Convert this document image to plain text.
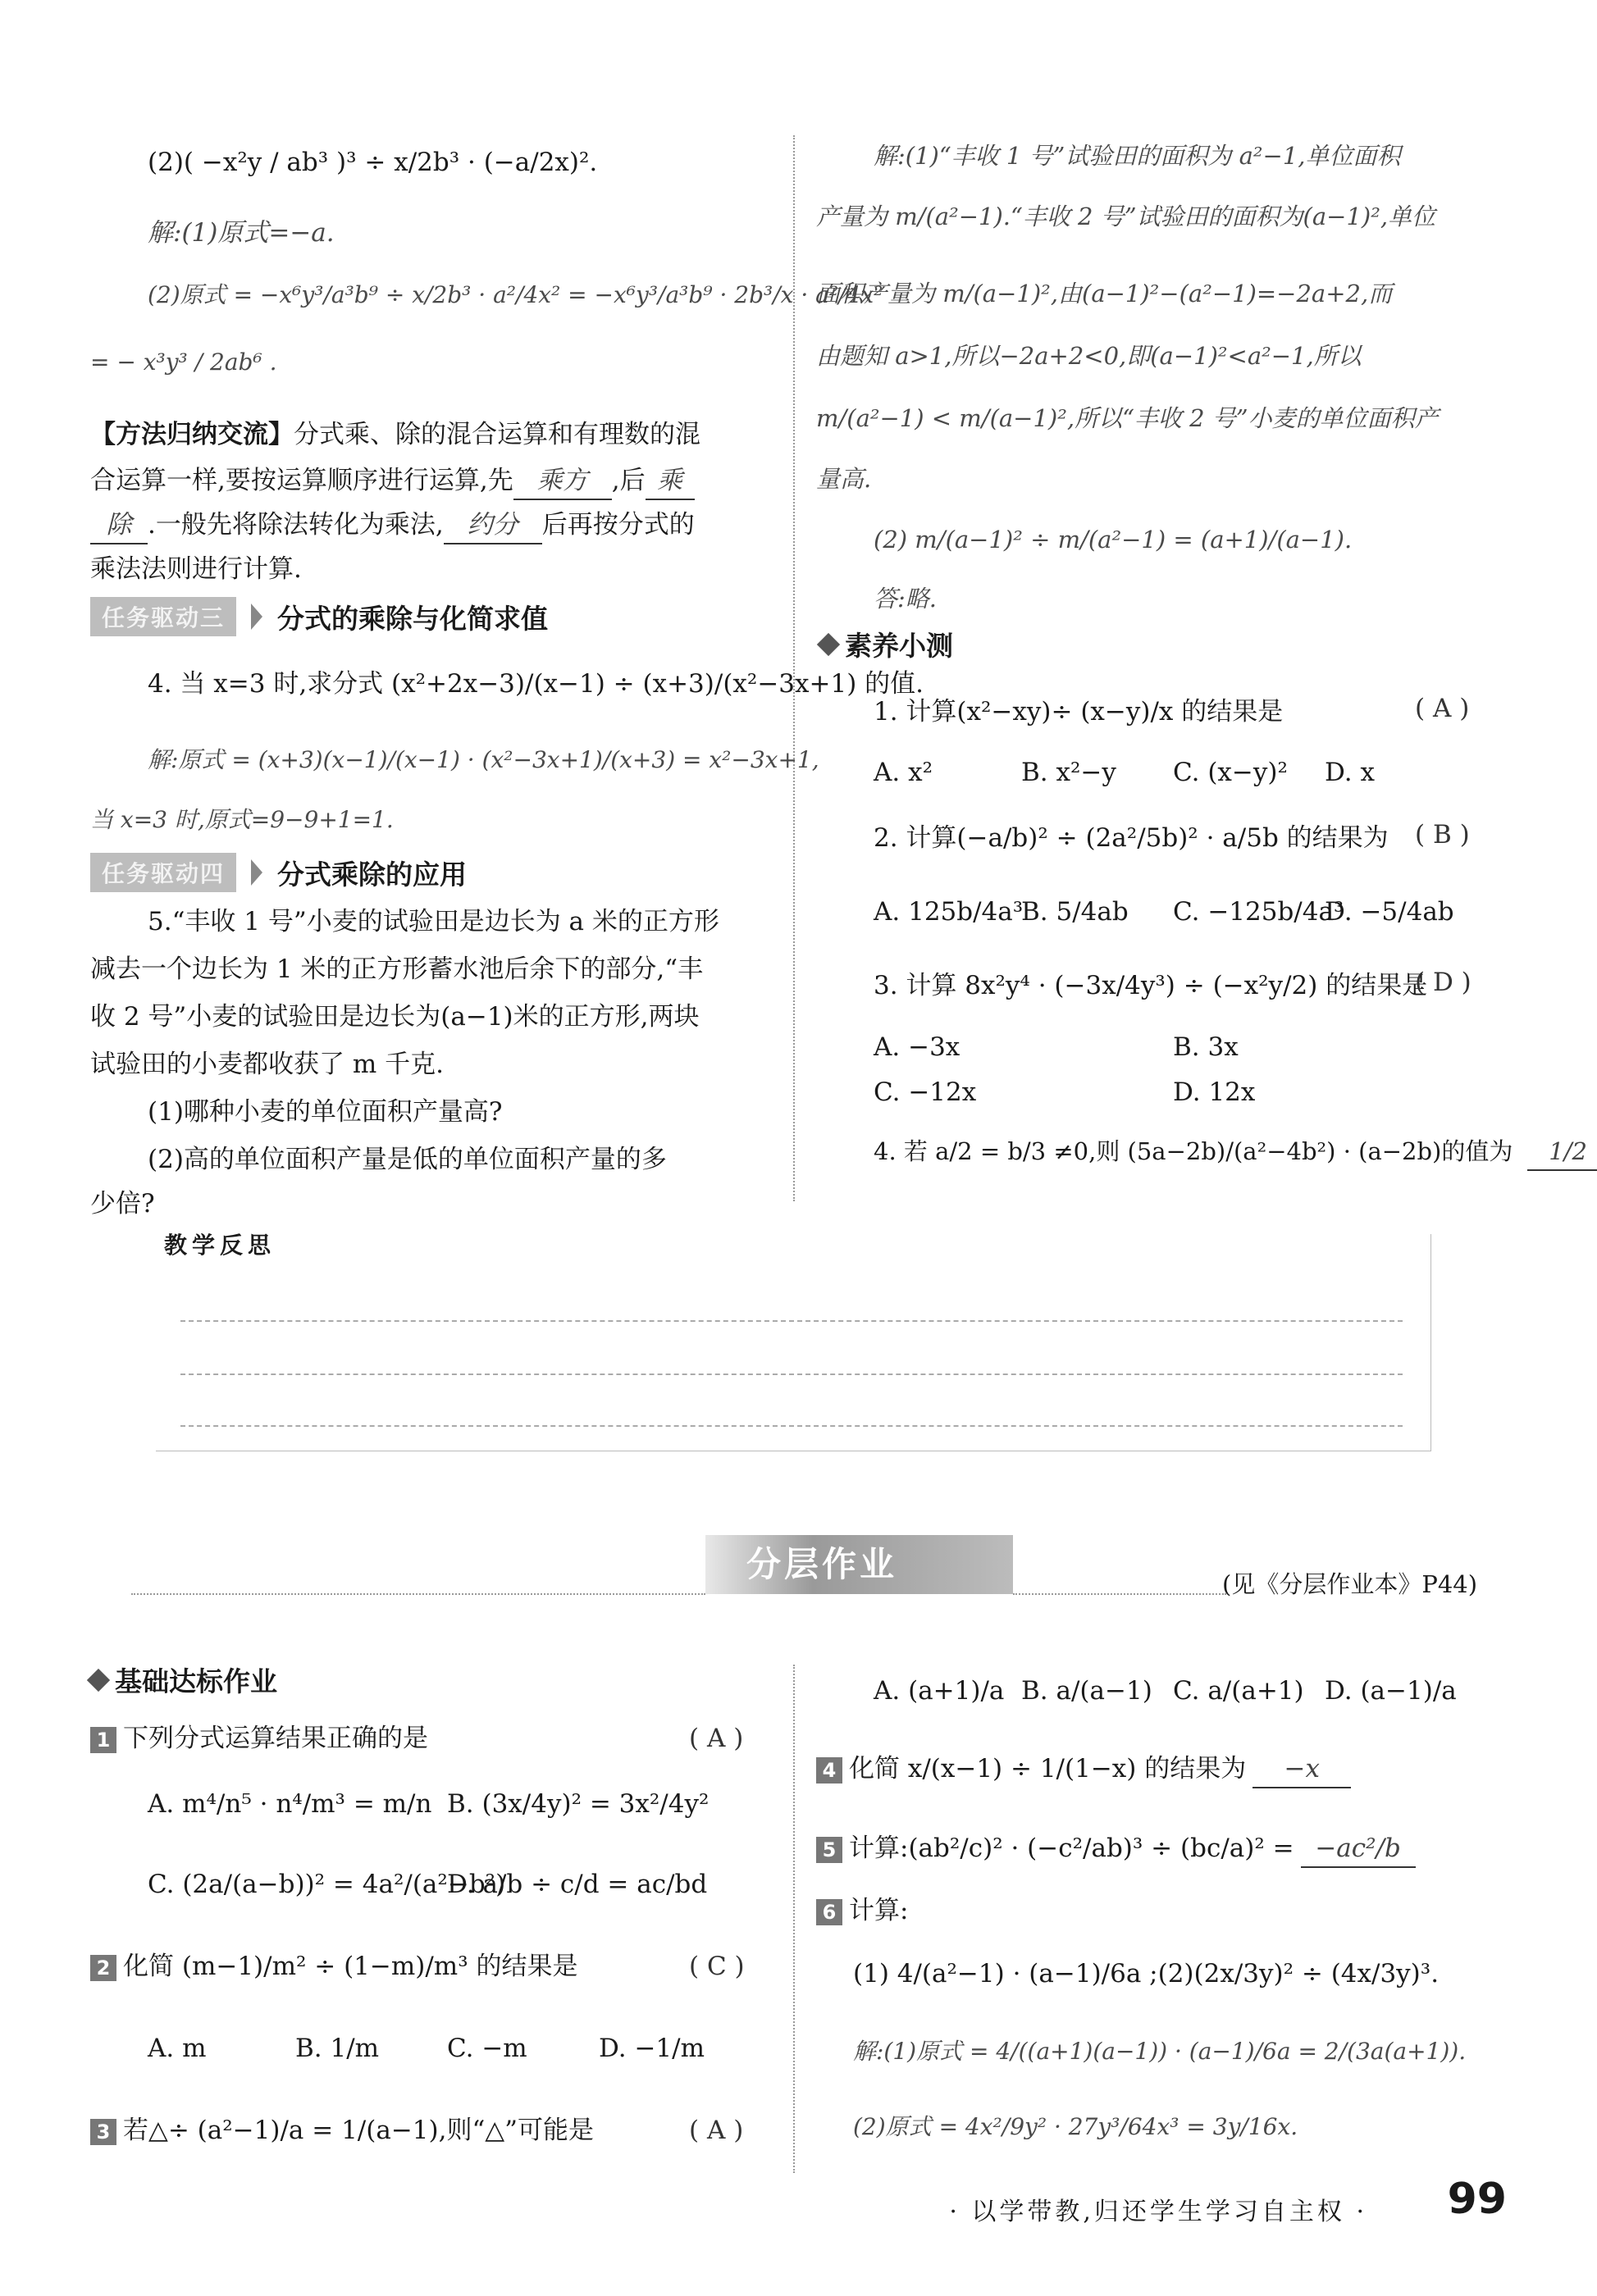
(2)( −x²y / ab³ )³ ÷ x/2b³ · (−a/2x)².
解:(1)原式=−a.
(2)原式 = −x⁶y³/a³b⁹ ÷ x/2b³ · a²/4x² = −x⁶y³/a³b⁹ · 2b³/x · a²/4x²
= − x³y³ / 2ab⁶ .
【方法归纳交流】分式乘、除的混合运算和有理数的混
合运算一样,要按运算顺序进行运算,先 乘方 ,后 乘
除 .一般先将除法转化为乘法, 约分 后再按分式的
乘法法则进行计算.
任务驱动三	分式的乘除与化简求值
4. 当 x=3 时,求分式 (x²+2x−3)/(x−1) ÷ (x+3)/(x²−3x+1) 的值.
解:原式 = (x+3)(x−1)/(x−1) · (x²−3x+1)/(x+3) = x²−3x+1,
当 x=3 时,原式=9−9+1=1.
任务驱动四	分式乘除的应用
5.“丰收 1 号”小麦的试验田是边长为 a 米的正方形
减去一个边长为 1 米的正方形蓄水池后余下的部分,“丰
收 2 号”小麦的试验田是边长为(a−1)米的正方形,两块
试验田的小麦都收获了 m 千克.
(1)哪种小麦的单位面积产量高?
(2)高的单位面积产量是低的单位面积产量的多
少倍?
解:(1)“丰收 1 号”试验田的面积为 a²−1,单位面积
产量为 m/(a²−1).“丰收 2 号”试验田的面积为(a−1)²,单位
面积产量为 m/(a−1)²,由(a−1)²−(a²−1)=−2a+2,而
由题知 a>1,所以−2a+2<0,即(a−1)²<a²−1,所以
m/(a²−1) < m/(a−1)²,所以“丰收 2 号”小麦的单位面积产
量高.
(2) m/(a−1)² ÷ m/(a²−1) = (a+1)/(a−1).
答:略.
素养小测
1. 计算(x²−xy)÷ (x−y)/x 的结果是	( A )
A. x²	B. x²−y C. (x−y)² D. x
2. 计算(−a/b)² ÷ (2a²/5b)² · a/5b 的结果为 ( B )
A. 125b/4a³
B. 5/4ab C. −125b/4a³
D. −5/4ab
3. 计算 8x²y⁴ · (−3x/4y³) ÷ (−x²y/2) 的结果是
( D )
A. −3x	B. 3x
C. −12x	D. 12x
4. 若 a/2 = b/3 ≠0,则 (5a−2b)/(a²−4b²) · (a−2b)的值为 1/2
教学反思
分层作业	(见《分层作业本》P44)
基础达标作业
1 下列分式运算结果正确的是	( A )
A. m⁴/n⁵ · n⁴/m³ = m/n B. (3x/4y)² = 3x²/4y²
C. (2a/(a−b))² = 4a²/(a²−b²)
D. a/b ÷ c/d = ac/bd
2 化简 (m−1)/m² ÷ (1−m)/m³ 的结果是	( C )
A. m	B. 1/m	C. −m	D. −1/m
3 若△÷ (a²−1)/a = 1/(a−1),则“△”可能是	( A )
A. (a+1)/a B. a/(a−1) C. a/(a+1) D. (a−1)/a
4 化简 x/(x−1) ÷ 1/(1−x) 的结果为 −x
5 计算:(ab²/c)² · (−c²/ab)³ ÷ (bc/a)² = −ac²/b
6 计算:
(1) 4/(a²−1) · (a−1)/6a ;(2)(2x/3y)² ÷ (4x/3y)³.
解:(1)原式 = 4/((a+1)(a−1)) · (a−1)/6a = 2/(3a(a+1)).
(2)原式 = 4x²/9y² · 27y³/64x³ = 3y/16x.
· 以学带教,归还学生学习自主权 · 99
